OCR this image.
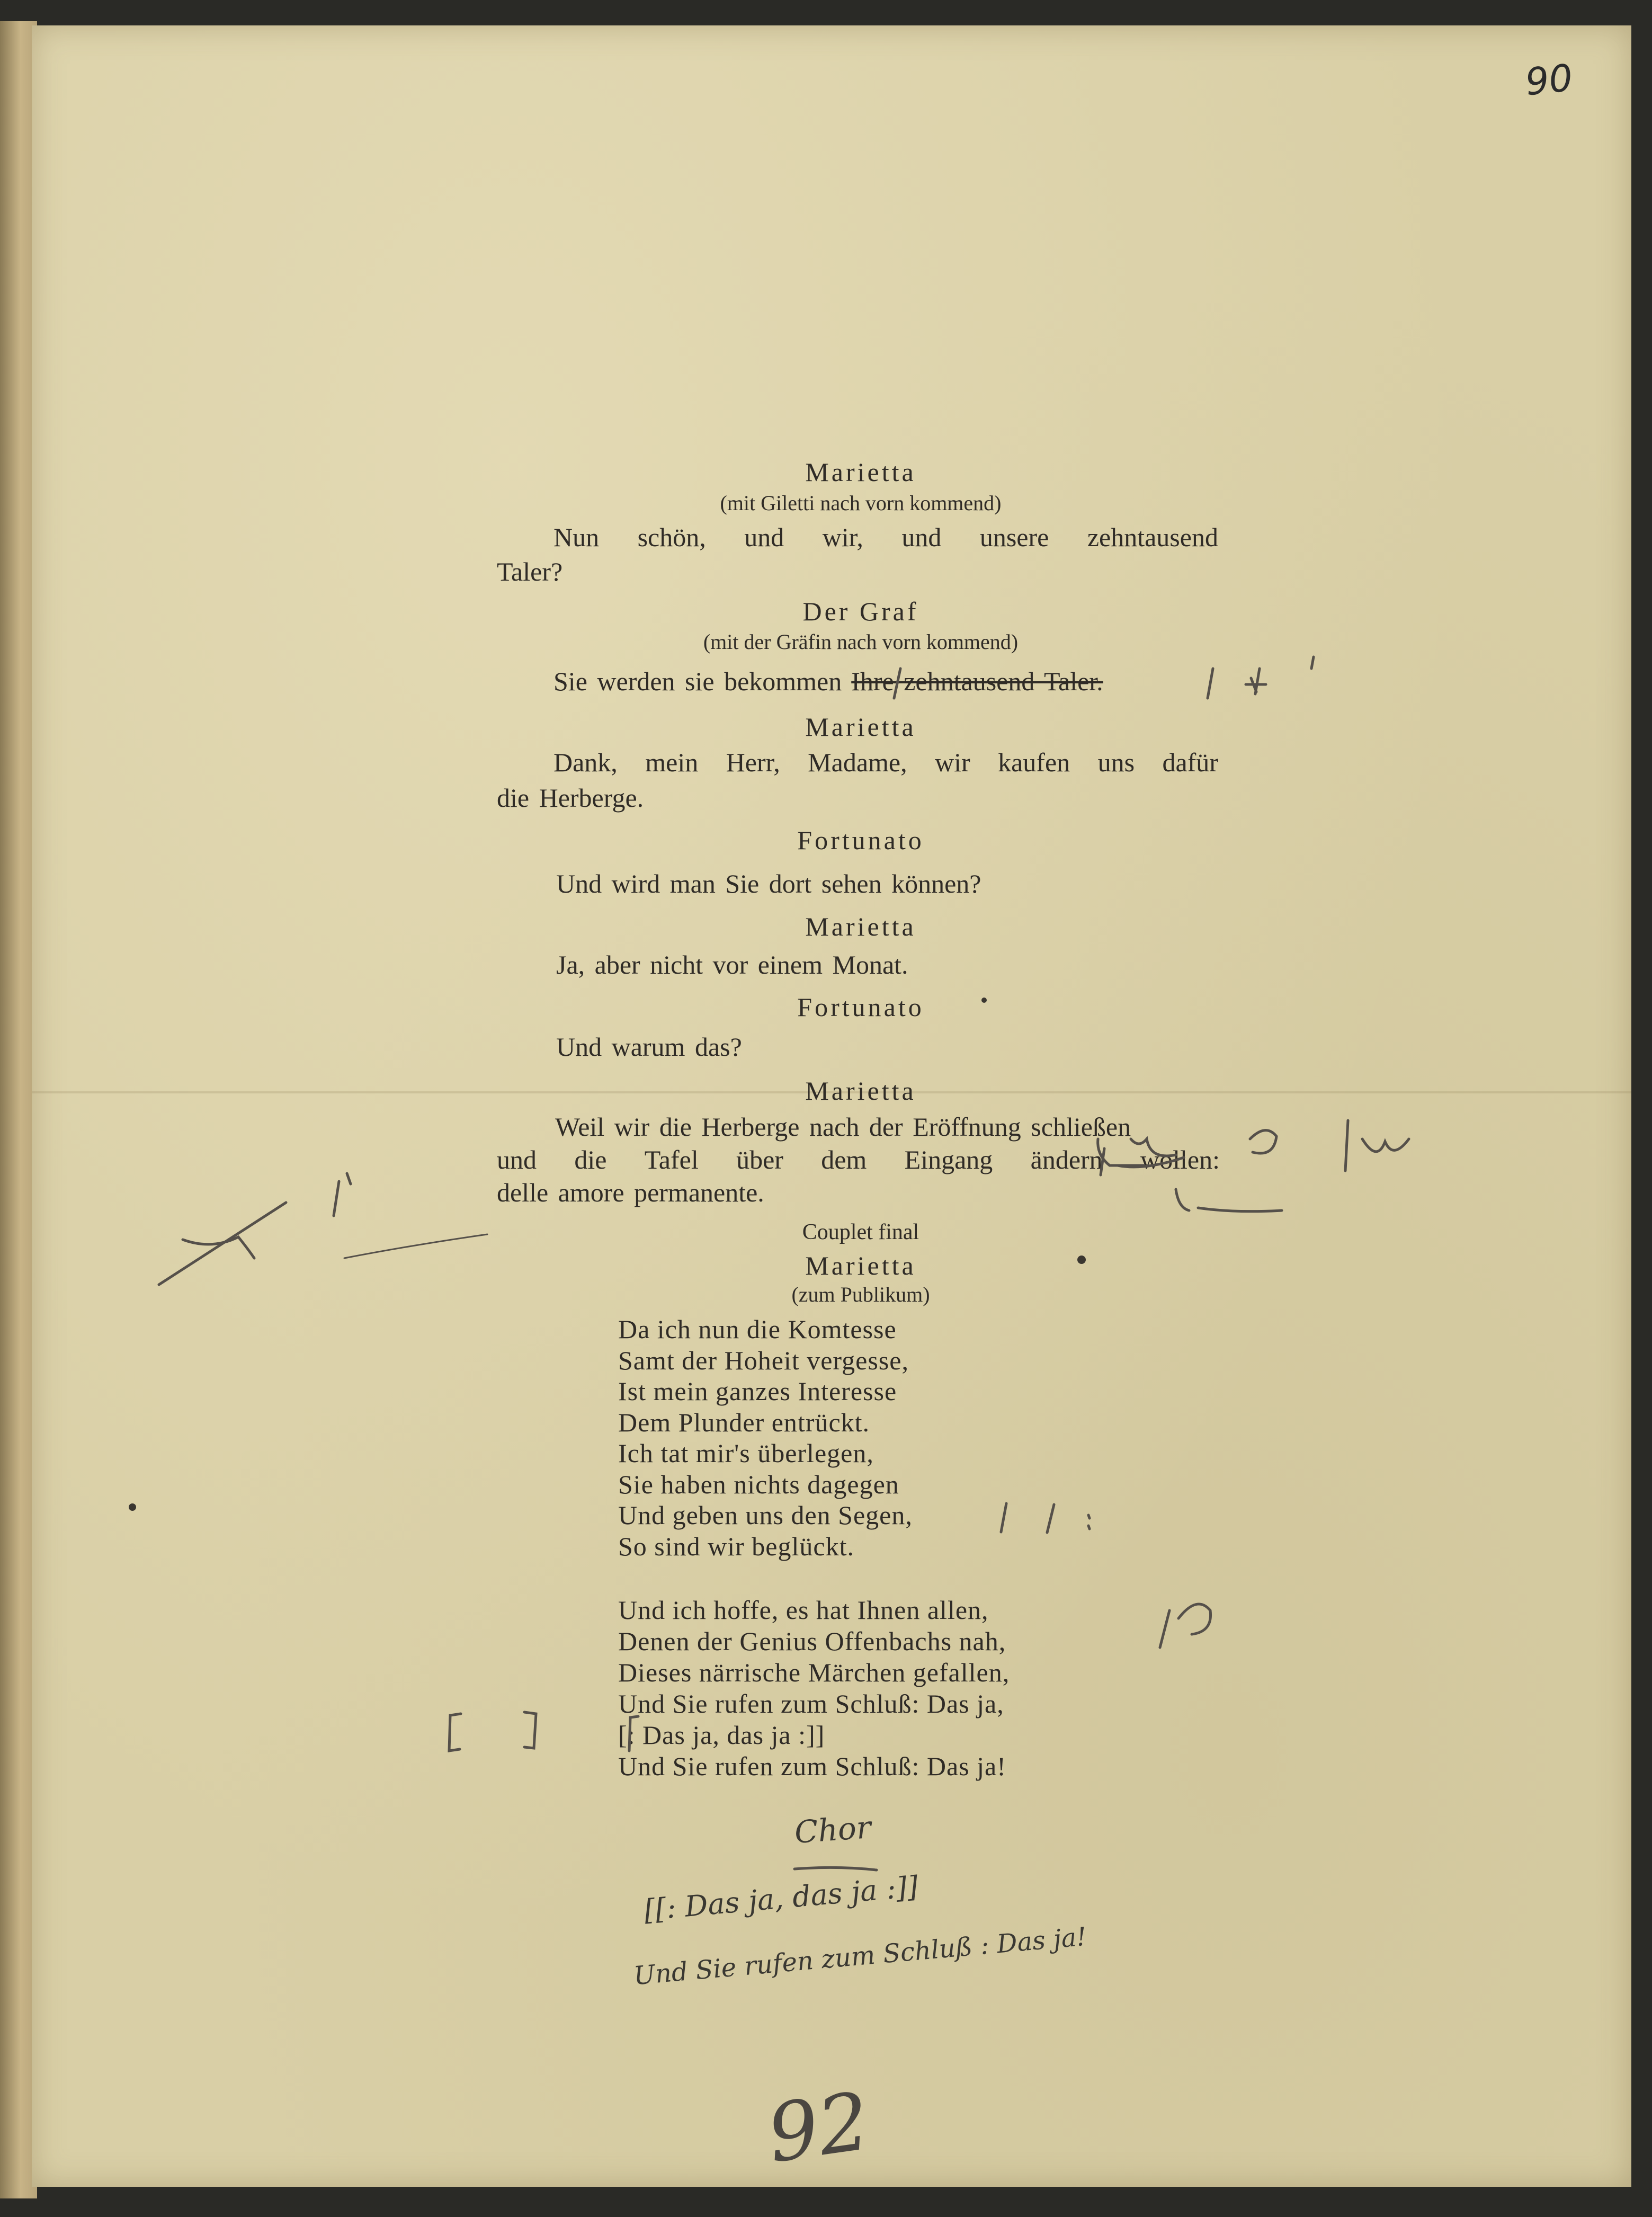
90
Marietta
(mit Giletti nach vorn kommend)
Nun schön, und wir, und unsere zehntausend
Taler?
Der Graf
(mit der Gräfin nach vorn kommend)
Sie werden sie bekommen Ihre zehntausend Taler.
Marietta
Dank, mein Herr, Madame, wir kaufen uns dafür
die Herberge.
Fortunato
Und wird man Sie dort sehen können?
Marietta
Ja, aber nicht vor einem Monat.
Fortunato
Und warum das?
Marietta
Weil wir die Herberge nach der Eröffnung schließen
und die Tafel über dem Eingang ändern wollen:
delle amore permanente.
Couplet final
Marietta
(zum Publikum)
Da ich nun die Komtesse
Samt der Hoheit vergesse,
Ist mein ganzes Interesse
Dem Plunder entrückt.
Ich tat mir's überlegen,
Sie haben nichts dagegen
Und geben uns den Segen,
So sind wir beglückt.
Und ich hoffe, es hat Ihnen allen,
Denen der Genius Offenbachs nah,
Dieses närrische Märchen gefallen,
Und Sie rufen zum Schluß: Das ja,
[: Das ja, das ja :]]
Und Sie rufen zum Schluß: Das ja!
Chor
[[: Das ja, das ja :]]
Und Sie rufen zum Schluß : Das ja!
92
